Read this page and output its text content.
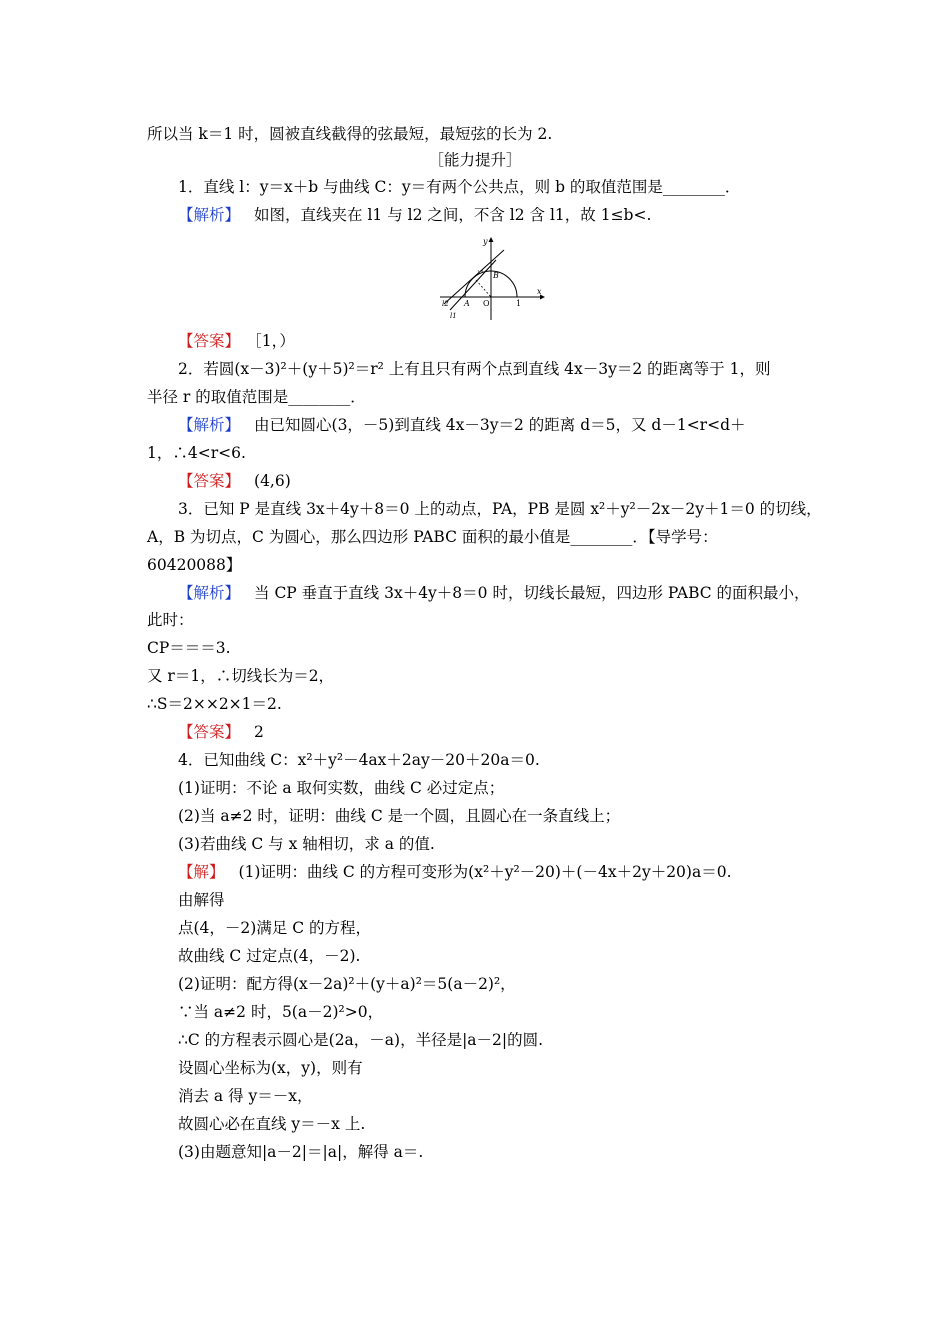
所以当 k＝1 时，圆被直线截得的弦最短，最短弦的长为 2.
［能力提升］
1．直线 l：y＝x＋b 与曲线 C：y＝有两个公共点，则 b 的取值范围是________．
【解析】 如图，直线夹在 l1 与 l2 之间，不含 l2 含 l1，故 1≤b<.
y
x
O	1
A
B
l2
l1
【答案】 ［1，）
2．若圆(x－3)²＋(y＋5)²＝r² 上有且只有两个点到直线 4x－3y＝2 的距离等于 1，则
半径 r 的取值范围是________．
【解析】 由已知圆心(3，－5)到直线 4x－3y＝2 的距离 d＝5，又 d－1<r<d＋
1，∴4<r<6.
【答案】 (4,6)
3．已知 P 是直线 3x＋4y＋8＝0 上的动点，PA，PB 是圆 x²＋y²－2x－2y＋1＝0 的切线，
A，B 为切点，C 为圆心，那么四边形 PABC 面积的最小值是________．【导学号：
60420088】
【解析】 当 CP 垂直于直线 3x＋4y＋8＝0 时，切线长最短，四边形 PABC 的面积最小，
此时：
CP＝＝＝3.
又 r＝1，∴切线长为＝2，
∴S＝2××2×1＝2.
【答案】 2
4．已知曲线 C：x²＋y²－4ax＋2ay－20＋20a＝0.
(1)证明：不论 a 取何实数，曲线 C 必过定点；
(2)当 a≠2 时，证明：曲线 C 是一个圆，且圆心在一条直线上；
(3)若曲线 C 与 x 轴相切，求 a 的值.
【解】 (1)证明：曲线 C 的方程可变形为(x²＋y²－20)＋(－4x＋2y＋20)a＝0.
由解得
点(4，－2)满足 C 的方程，
故曲线 C 过定点(4，－2).
(2)证明：配方得(x－2a)²＋(y＋a)²＝5(a－2)²，
∵当 a≠2 时，5(a－2)²>0，
∴C 的方程表示圆心是(2a，－a)，半径是|a－2|的圆.
设圆心坐标为(x，y)，则有
消去 a 得 y＝－x，
故圆心必在直线 y＝－x 上.
(3)由题意知|a－2|＝|a|，解得 a＝.
